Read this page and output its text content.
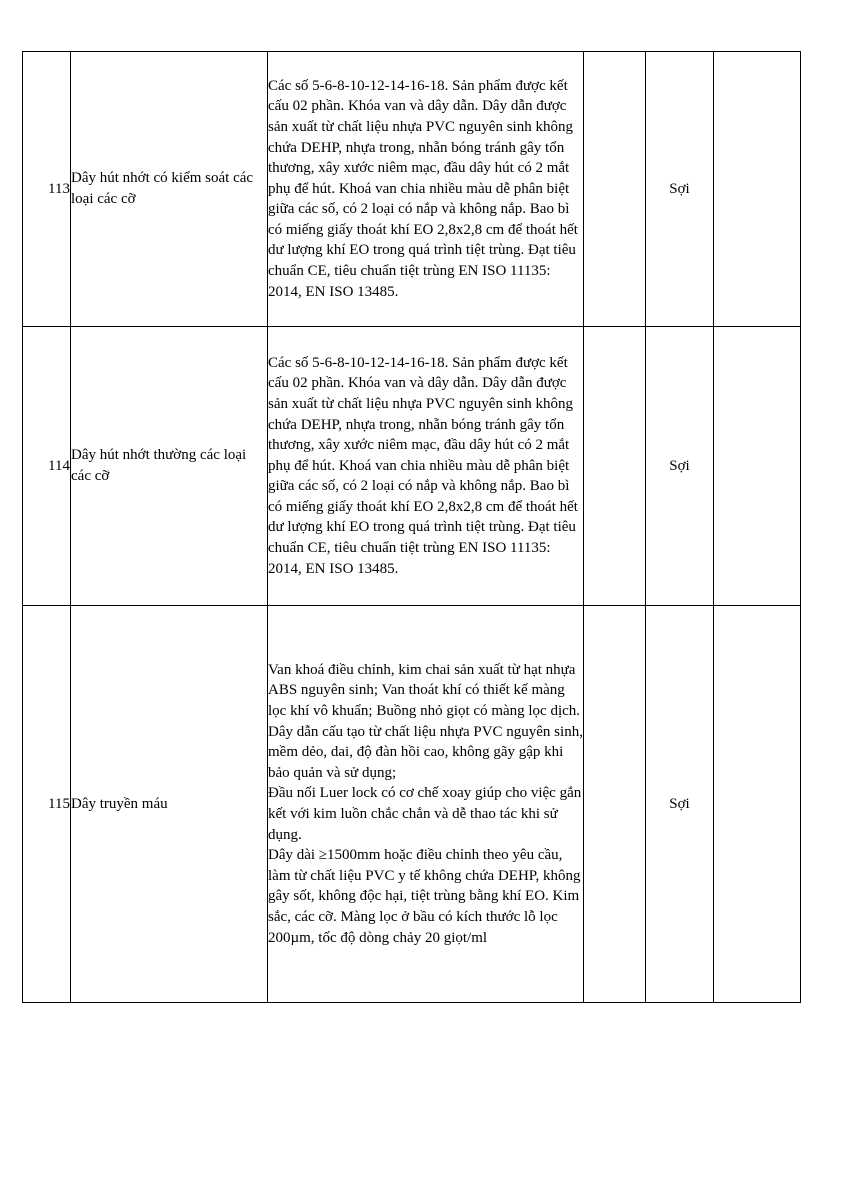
113	Dây hút nhớt có kiểm soát các loại các cỡ	Các số 5-6-8-10-12-14-16-18. Sản phẩm được kết cấu 02 phần. Khóa van và dây dẫn. Dây dẫn được sản xuất từ chất liệu nhựa PVC nguyên sinh không chứa DEHP, nhựa trong, nhẵn bóng tránh gây tổn thương, xây xước niêm mạc, đầu dây hút có 2 mắt phụ để hút. Khoá van chia nhiều màu dễ phân biệt giữa các số, có 2 loại có nắp và không nắp. Bao bì có miếng giấy thoát khí EO 2,8x2,8 cm để thoát hết dư lượng khí EO trong quá trình tiệt trùng. Đạt tiêu chuẩn CE, tiêu chuẩn tiệt trùng EN ISO 11135: 2014, EN ISO 13485.		Sợi	
114	Dây hút nhớt thường các loại các cỡ	Các số 5-6-8-10-12-14-16-18. Sản phẩm được kết cấu 02 phần. Khóa van và dây dẫn. Dây dẫn được sản xuất từ chất liệu nhựa PVC nguyên sinh không chứa DEHP, nhựa trong, nhẵn bóng tránh gây tổn thương, xây xước niêm mạc, đầu dây hút có 2 mắt phụ để hút. Khoá van chia nhiều màu dễ phân biệt giữa các số, có 2 loại có nắp và không nắp. Bao bì có miếng giấy thoát khí EO 2,8x2,8 cm để thoát hết dư lượng khí EO trong quá trình tiệt trùng. Đạt tiêu chuẩn CE, tiêu chuẩn tiệt trùng EN ISO 11135: 2014, EN ISO 13485.		Sợi	
115	Dây truyền máu	Van khoá điều chỉnh, kim chai sản xuất từ hạt nhựa ABS nguyên sinh; Van thoát khí có thiết kế màng lọc khí vô khuẩn; Buồng nhỏ giọt có màng lọc dịch. Dây dẫn cấu tạo từ chất liệu nhựa PVC nguyên sinh, mềm dẻo, dai, độ đàn hồi cao, không gãy gập khi bảo quản và sử dụng;
Đầu nối Luer lock có cơ chế xoay giúp cho việc gắn kết với kim luồn chắc chắn và dễ thao tác khi sử dụng.
Dây dài ≥1500mm hoặc điều chỉnh theo yêu cầu, làm từ chất liệu PVC y tế không chứa DEHP, không gây sốt, không độc hại, tiệt trùng bằng khí EO. Kim sắc, các cỡ. Màng lọc ở bầu có kích thước lỗ lọc 200µm, tốc độ dòng chảy 20 giọt/ml		Sợi	
